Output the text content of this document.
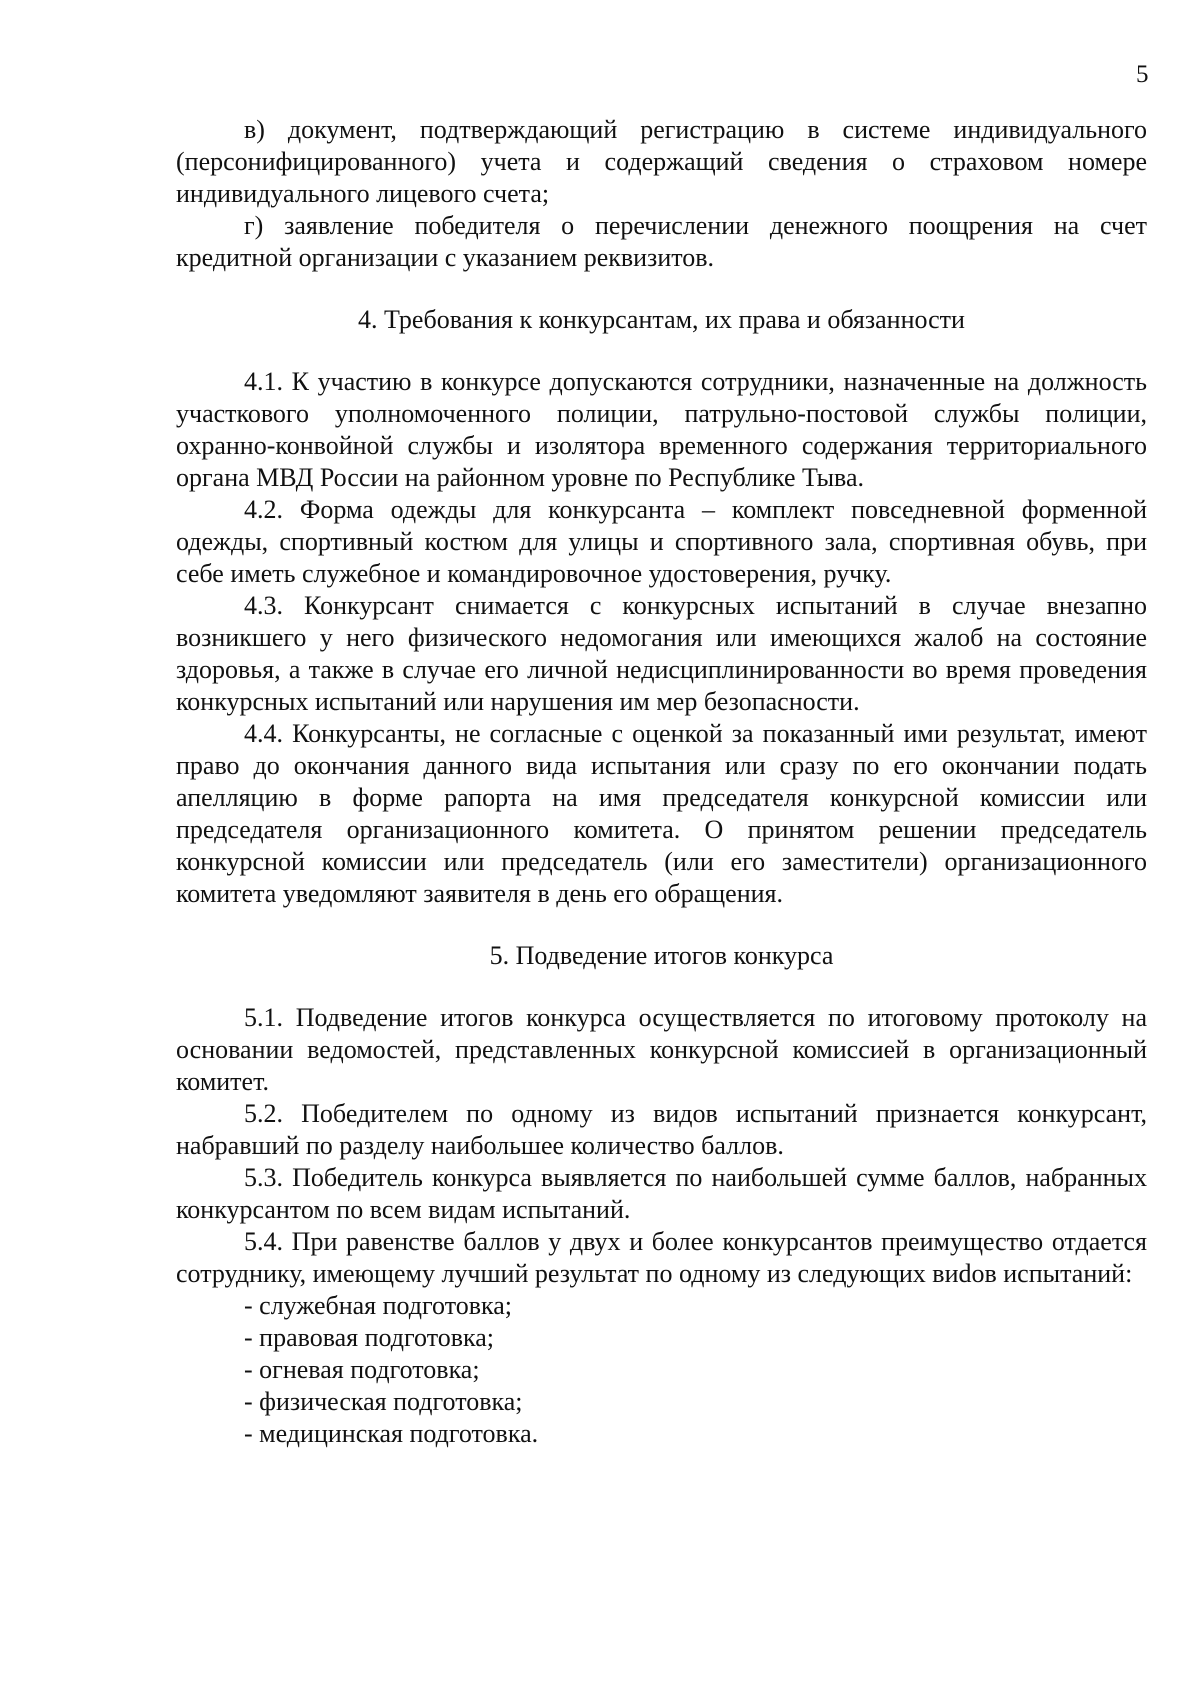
5

в) документ, подтверждающий регистрацию в системе индивидуального (персонифицированного) учета и содержащий сведения о страховом номере индивидуального лицевого счета;

г) заявление победителя о перечислении денежного поощрения на счет кредитной организации с указанием реквизитов.

4. Требования к конкурсантам, их права и обязанности

4.1. К участию в конкурсе допускаются сотрудники, назначенные на должность участкового уполномоченного полиции, патрульно-постовой службы полиции, охранно-конвойной службы и изолятора временного содержания территориального органа МВД России на районном уровне по Республике Тыва.

4.2. Форма одежды для конкурсанта – комплект повседневной форменной одежды, спортивный костюм для улицы и спортивного зала, спортивная обувь, при себе иметь служебное и командировочное удостоверения, ручку.

4.3. Конкурсант снимается с конкурсных испытаний в случае внезапно возникшего у него физического недомогания или имеющихся жалоб на состояние здоровья, а также в случае его личной недисциплинированности во время проведения конкурсных испытаний или нарушения им мер безопасности.

4.4. Конкурсанты, не согласные с оценкой за показанный ими результат, имеют право до окончания данного вида испытания или сразу по его окончании подать апелляцию в форме рапорта на имя председателя конкурсной комиссии или председателя организационного комитета. О принятом решении председатель конкурсной комиссии или председатель (или его заместители) организационного комитета уведомляют заявителя в день его обращения.

5. Подведение итогов конкурса

5.1. Подведение итогов конкурса осуществляется по итоговому протоколу на основании ведомостей, представленных конкурсной комиссией в организационный комитет.

5.2. Победителем по одному из видов испытаний признается конкурсант, набравший по разделу наибольшее количество баллов.

5.3. Победитель конкурса выявляется по наибольшей сумме баллов, набранных конкурсантом по всем видам испытаний.

5.4. При равенстве баллов у двух и более конкурсантов преимущество отдается сотруднику, имеющему лучший результат по одному из следующих виdов испытаний:

- служебная подготовка;
- правовая подготовка;
- огневая подготовка;
- физическая подготовка;
- медицинская подготовка.
